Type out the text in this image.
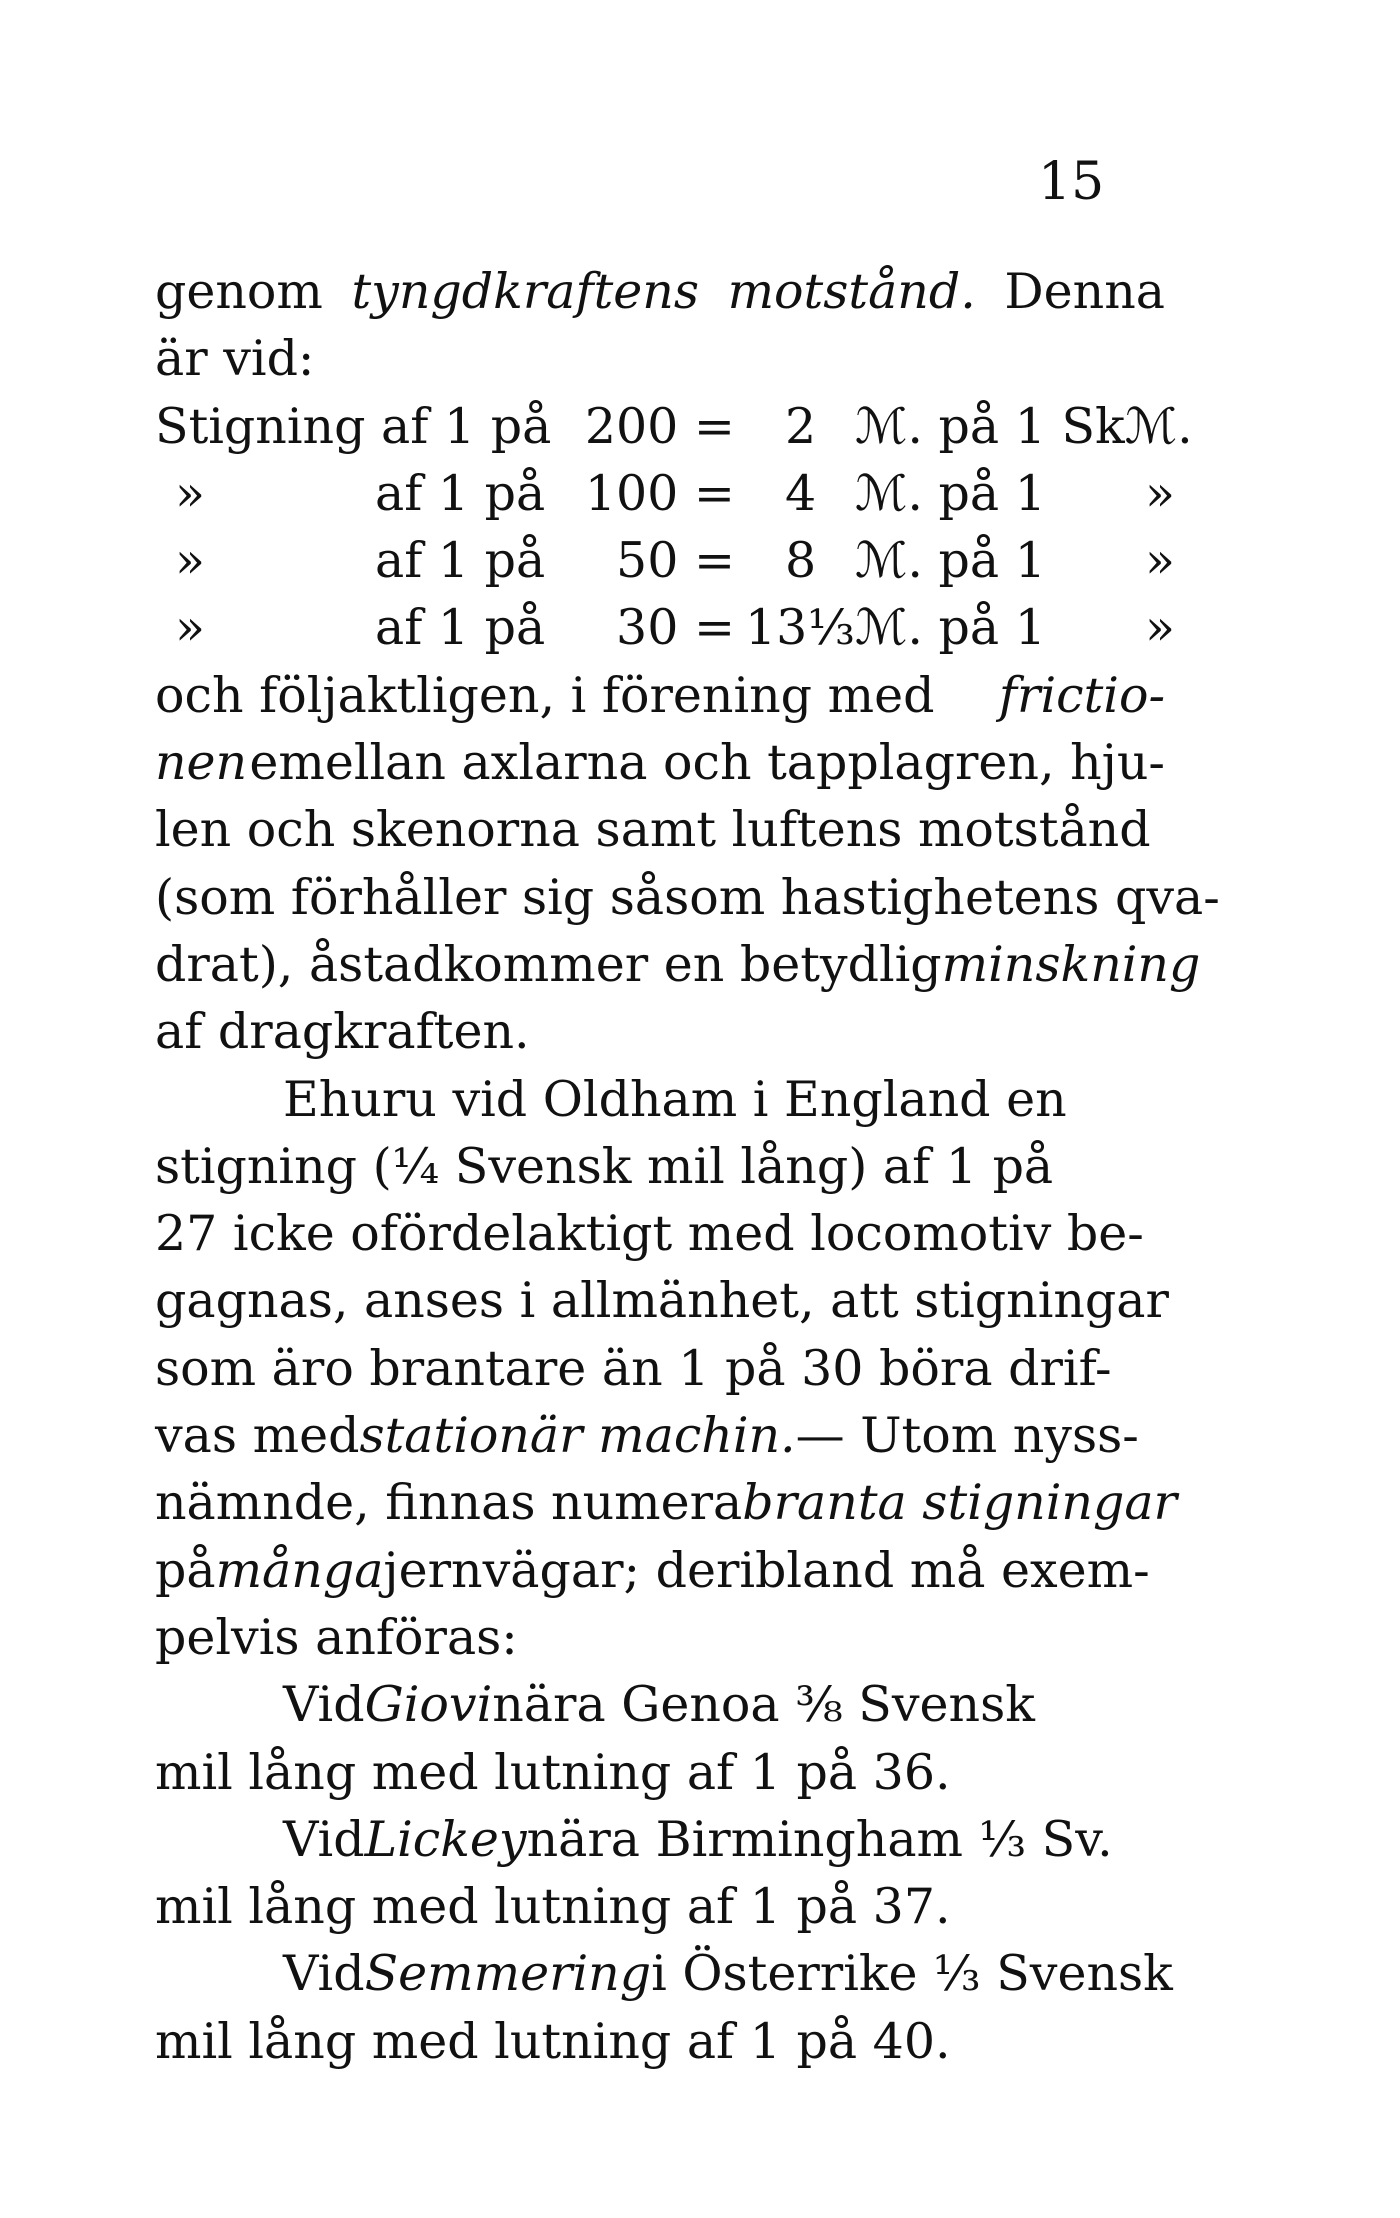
15
genom tyngdkraftens motstånd. Denna
är vid:
Stigning af 1 på 200 = 2 ℳ. på 1 Skℳ.
»	af 1 på 100 = 4 ℳ. på 1 »
»	af 1 på 50 = 8 ℳ. på 1 »
»	af 1 på 30 = 13⅓ ℳ. på 1 »
och följaktligen, i förening med frictio-
nen emellan axlarna och tapplagren, hju-
len och skenorna samt luftens motstånd
(som förhåller sig såsom hastighetens qva-
drat), åstadkommer en betydlig minskning
af dragkraften.
Ehuru vid Oldham i England en
stigning (¼ Svensk mil lång) af 1 på
27 icke ofördelaktigt med locomotiv be-
gagnas, anses i allmänhet, att stigningar
som äro brantare än 1 på 30 böra drif-
vas med stationär machin. — Utom nyss-
nämnde, finnas numera branta stigningar
på många jernvägar; deribland må exem-
pelvis anföras:
Vid Giovi nära Genoa ⅜ Svensk
mil lång med lutning af 1 på 36.
Vid Lickey nära Birmingham ⅓ Sv.
mil lång med lutning af 1 på 37.
Vid Semmering i Österrike ⅓ Svensk
mil lång med lutning af 1 på 40.
